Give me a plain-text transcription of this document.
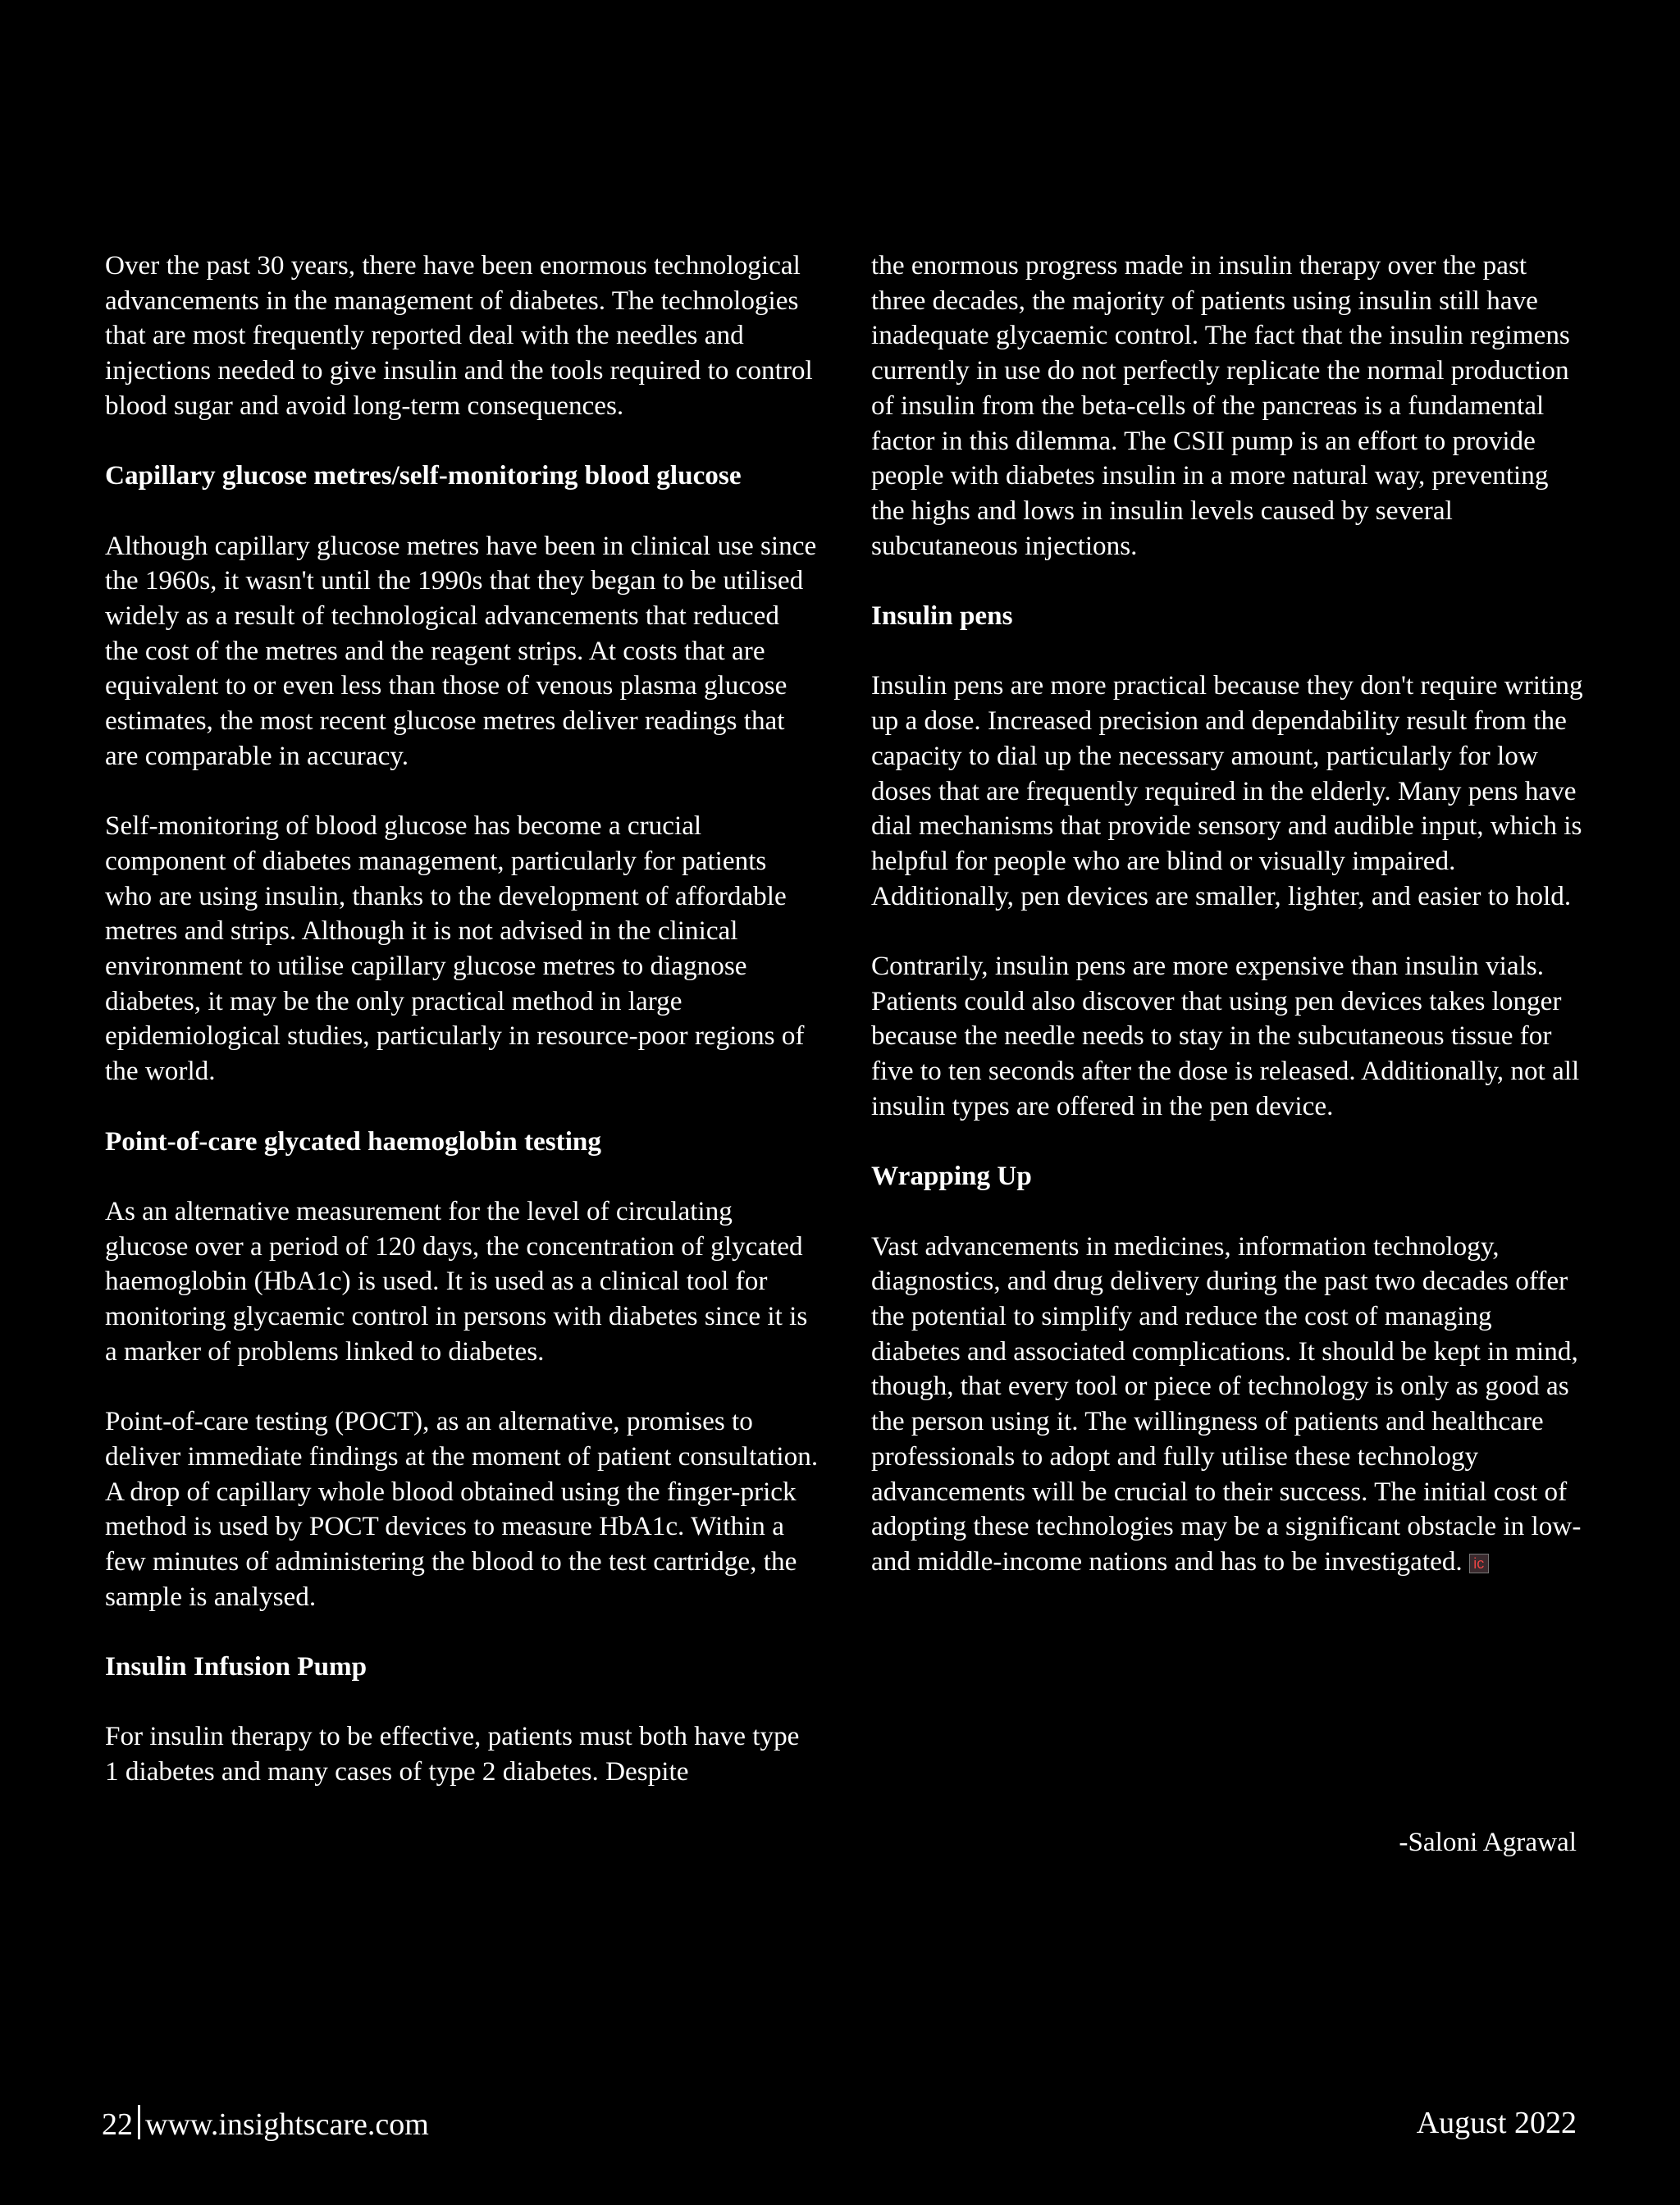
Over the past 30 years, there have been enormous technological advancements in the management of diabetes. The technologies that are most frequently reported deal with the needles and injections needed to give insulin and the tools required to control blood sugar and avoid long-term consequences.

Capillary glucose metres/self-monitoring blood glucose

Although capillary glucose metres have been in clinical use since the 1960s, it wasn't until the 1990s that they began to be utilised widely as a result of technological advancements that reduced the cost of the metres and the reagent strips. At costs that are equivalent to or even less than those of venous plasma glucose estimates, the most recent glucose metres deliver readings that are comparable in accuracy.

Self-monitoring of blood glucose has become a crucial component of diabetes management, particularly for patients who are using insulin, thanks to the development of affordable metres and strips. Although it is not advised in the clinical environment to utilise capillary glucose metres to diagnose diabetes, it may be the only practical method in large epidemiological studies, particularly in resource-poor regions of the world.

Point-of-care glycated haemoglobin testing

As an alternative measurement for the level of circulating glucose over a period of 120 days, the concentration of glycated haemoglobin (HbA1c) is used. It is used as a clinical tool for monitoring glycaemic control in persons with diabetes since it is a marker of problems linked to diabetes.

Point-of-care testing (POCT), as an alternative, promises to deliver immediate findings at the moment of patient consultation. A drop of capillary whole blood obtained using the finger-prick method is used by POCT devices to measure HbA1c. Within a few minutes of administering the blood to the test cartridge, the sample is analysed.

Insulin Infusion Pump

For insulin therapy to be effective, patients must both have type 1 diabetes and many cases of type 2 diabetes. Despite

the enormous progress made in insulin therapy over the past three decades, the majority of patients using insulin still have inadequate glycaemic control. The fact that the insulin regimens currently in use do not perfectly replicate the normal production of insulin from the beta-cells of the pancreas is a fundamental factor in this dilemma. The CSII pump is an effort to provide people with diabetes insulin in a more natural way, preventing the highs and lows in insulin levels caused by several subcutaneous injections.

Insulin pens

Insulin pens are more practical because they don't require writing up a dose. Increased precision and dependability result from the capacity to dial up the necessary amount, particularly for low doses that are frequently required in the elderly. Many pens have dial mechanisms that provide sensory and audible input, which is helpful for people who are blind or visually impaired. Additionally, pen devices are smaller, lighter, and easier to hold.

Contrarily, insulin pens are more expensive than insulin vials. Patients could also discover that using pen devices takes longer because the needle needs to stay in the subcutaneous tissue for five to ten seconds after the dose is released. Additionally, not all insulin types are offered in the pen device.

Wrapping Up

Vast advancements in medicines, information technology, diagnostics, and drug delivery during the past two decades offer the potential to simplify and reduce the cost of managing diabetes and associated complications. It should be kept in mind, though, that every tool or piece of technology is only as good as the person using it. The willingness of patients and healthcare professionals to adopt and fully utilise these technology advancements will be crucial to their success. The initial cost of adopting these technologies may be a significant obstacle in low- and middle-income nations and has to be investigated. ic

-Saloni Agrawal
22 www.insightscare.com	August 2022
